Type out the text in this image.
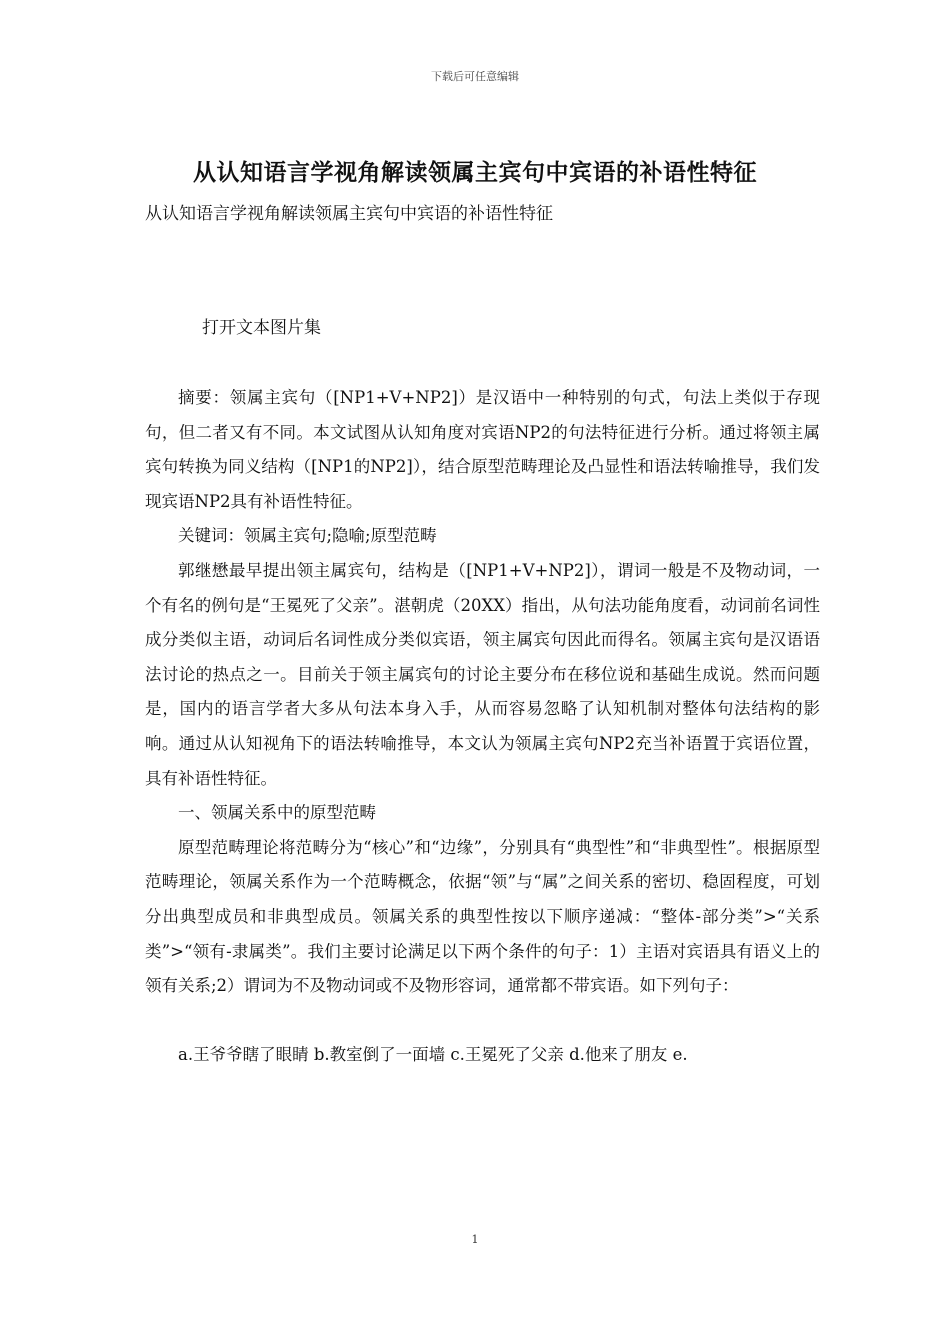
下载后可任意编辑
从认知语言学视角解读领属主宾句中宾语的补语性特征
从认知语言学视角解读领属主宾句中宾语的补语性特征
打开文本图片集

摘要：领属主宾句（[NP1+V+NP2]）是汉语中一种特别的句式，句法上类似于存现句，但二者又有不同。本文试图从认知角度对宾语NP2的句法特征进行分析。通过将领主属宾句转换为同义结构（[NP1的NP2]），结合原型范畴理论及凸显性和语法转喻推导，我们发现宾语NP2具有补语性特征。

关键词：领属主宾句;隐喻;原型范畴

郭继懋最早提出领主属宾句，结构是（[NP1+V+NP2]），谓词一般是不及物动词，一个有名的例句是“王冕死了父亲”。湛朝虎（20XX）指出，从句法功能角度看，动词前名词性成分类似主语，动词后名词性成分类似宾语，领主属宾句因此而得名。领属主宾句是汉语语法讨论的热点之一。目前关于领主属宾句的讨论主要分布在移位说和基础生成说。然而问题是，国内的语言学者大多从句法本身入手，从而容易忽略了认知机制对整体句法结构的影响。通过从认知视角下的语法转喻推导，本文认为领属主宾句NP2充当补语置于宾语位置，具有补语性特征。

一、领属关系中的原型范畴

原型范畴理论将范畴分为“核心”和“边缘”，分别具有“典型性”和“非典型性”。根据原型范畴理论，领属关系作为一个范畴概念，依据“领”与“属”之间关系的密切、稳固程度，可划分出典型成员和非典型成员。领属关系的典型性按以下顺序递减：“整体-部分类”>“关系类”>“领有-隶属类”。我们主要讨论满足以下两个条件的句子：1）主语对宾语具有语义上的领有关系;2）谓词为不及物动词或不及物形容词，通常都不带宾语。如下列句子：

a.王爷爷瞎了眼睛 b.教室倒了一面墙 c.王冕死了父亲 d.他来了朋友 e.

1
